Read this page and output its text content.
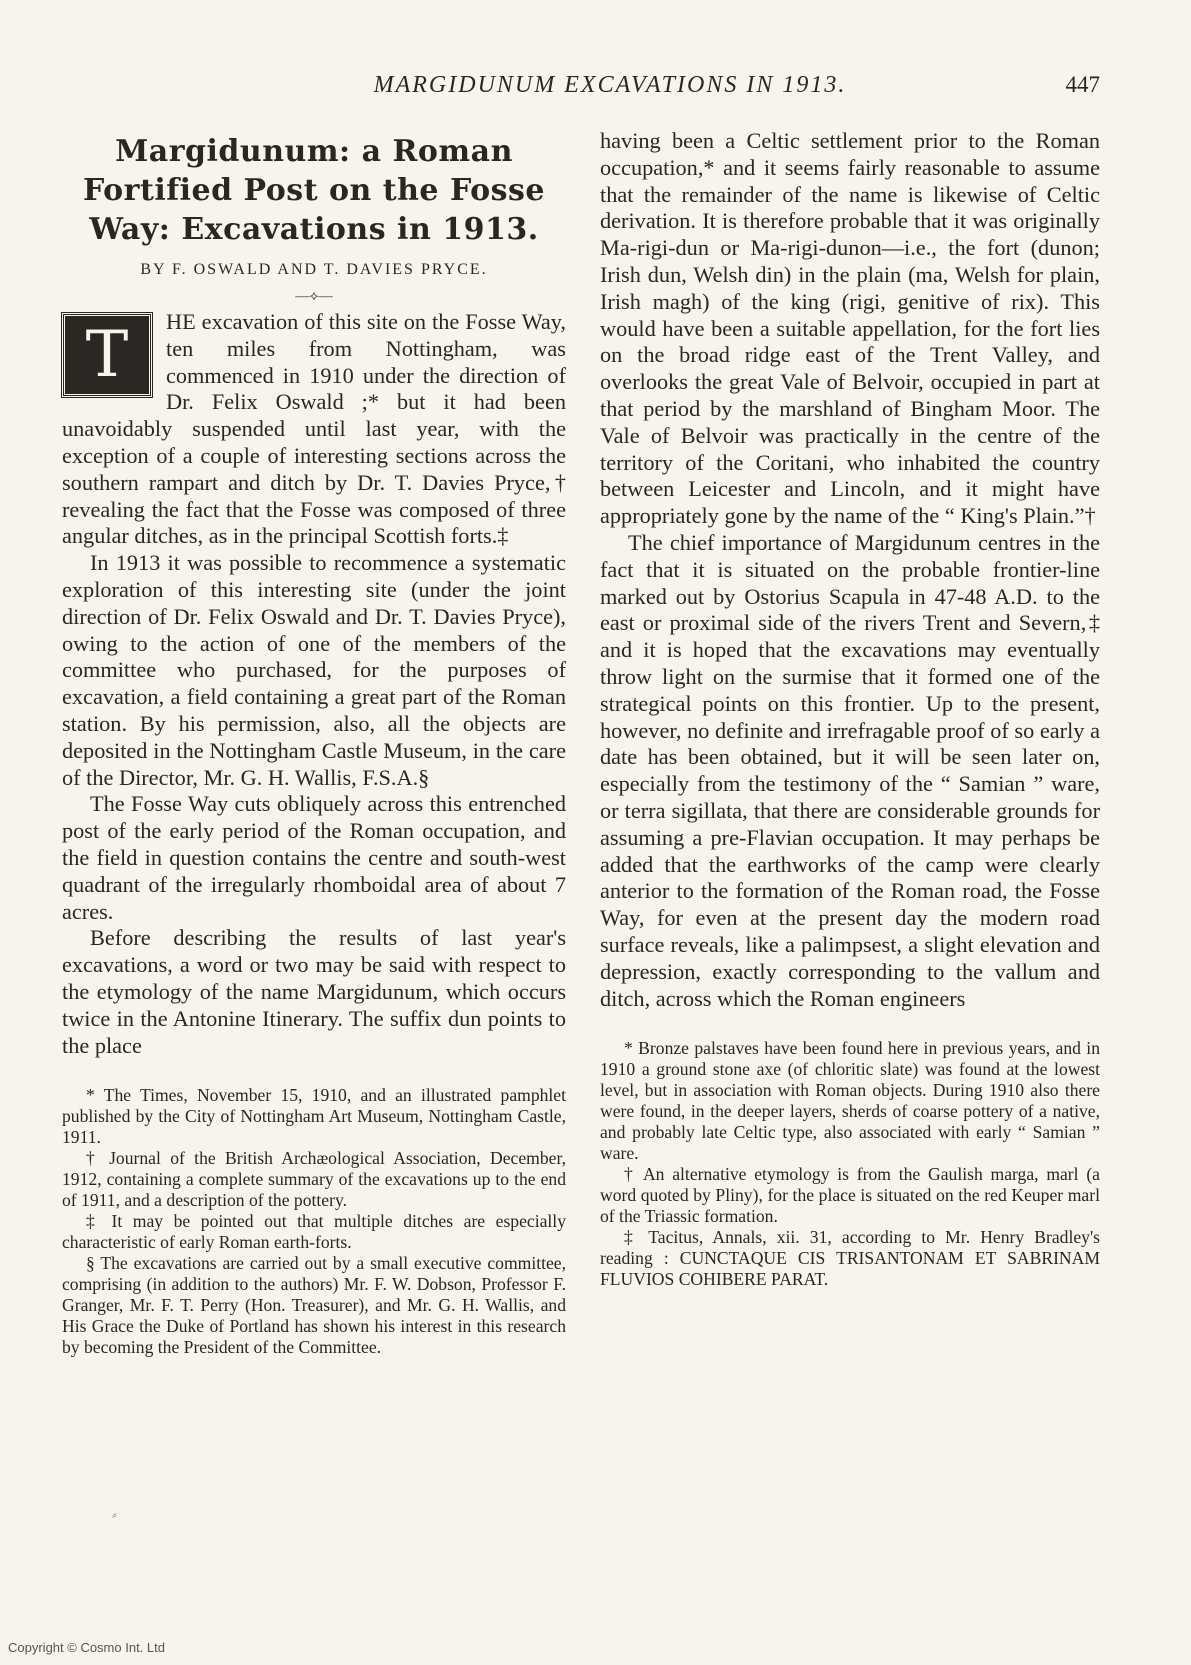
MARGIDUNUM EXCAVATIONS IN 1913.	447
Margidunum: a Roman Fortified Post on the Fosse Way: Excavations in 1913.
BY F. OSWALD AND T. DAVIES PRYCE.
—⟡—

T	HE excavation of this site on the Fosse Way, ten miles from Nottingham, was commenced in 1910 under the direction of Dr. Felix Oswald ;* but it had been unavoidably suspended until last year, with the exception of a couple of interesting sections across the southern rampart and ditch by Dr. T. Davies Pryce,† revealing the fact that the Fosse was composed of three angular ditches, as in the principal Scottish forts.‡

In 1913 it was possible to recommence a systematic exploration of this interesting site (under the joint direction of Dr. Felix Oswald and Dr. T. Davies Pryce), owing to the action of one of the members of the committee who purchased, for the purposes of excavation, a field containing a great part of the Roman station. By his permission, also, all the objects are deposited in the Nottingham Castle Museum, in the care of the Director, Mr. G. H. Wallis, F.S.A.§

The Fosse Way cuts obliquely across this entrenched post of the early period of the Roman occupation, and the field in question contains the centre and south-west quadrant of the irregularly rhomboidal area of about 7 acres.

Before describing the results of last year's excavations, a word or two may be said with respect to the etymology of the name Margidunum, which occurs twice in the Antonine Itinerary. The suffix dun points to the place

* The Times, November 15, 1910, and an illustrated pamphlet published by the City of Nottingham Art Museum, Nottingham Castle, 1911.

† Journal of the British Archæological Association, December, 1912, containing a complete summary of the excavations up to the end of 1911, and a description of the pottery.

‡ It may be pointed out that multiple ditches are especially characteristic of early Roman earth-forts.

§ The excavations are carried out by a small executive committee, comprising (in addition to the authors) Mr. F. W. Dobson, Professor F. Granger, Mr. F. T. Perry (Hon. Treasurer), and Mr. G. H. Wallis, and His Grace the Duke of Portland has shown his interest in this research by becoming the President of the Committee.

having been a Celtic settlement prior to the Roman occupation,* and it seems fairly reasonable to assume that the remainder of the name is likewise of Celtic derivation. It is therefore probable that it was originally Ma-rigi-dun or Ma-rigi-dunon—i.e., the fort (dunon; Irish dun, Welsh din) in the plain (ma, Welsh for plain, Irish magh) of the king (rigi, genitive of rix). This would have been a suitable appellation, for the fort lies on the broad ridge east of the Trent Valley, and overlooks the great Vale of Belvoir, occupied in part at that period by the marshland of Bingham Moor. The Vale of Belvoir was practically in the centre of the territory of the Coritani, who inhabited the country between Leicester and Lincoln, and it might have appropriately gone by the name of the “ King's Plain.”†

The chief importance of Margidunum centres in the fact that it is situated on the probable frontier-line marked out by Ostorius Scapula in 47-48 A.D. to the east or proximal side of the rivers Trent and Severn,‡ and it is hoped that the excavations may eventually throw light on the surmise that it formed one of the strategical points on this frontier. Up to the present, however, no definite and irrefragable proof of so early a date has been obtained, but it will be seen later on, especially from the testimony of the “ Samian ” ware, or terra sigillata, that there are considerable grounds for assuming a pre-Flavian occupation. It may perhaps be added that the earthworks of the camp were clearly anterior to the formation of the Roman road, the Fosse Way, for even at the present day the modern road surface reveals, like a palimpsest, a slight elevation and depression, exactly corresponding to the vallum and ditch, across which the Roman engineers

* Bronze palstaves have been found here in previous years, and in 1910 a ground stone axe (of chloritic slate) was found at the lowest level, but in association with Roman objects. During 1910 also there were found, in the deeper layers, sherds of coarse pottery of a native, and probably late Celtic type, also associated with early “ Samian ” ware.

† An alternative etymology is from the Gaulish marga, marl (a word quoted by Pliny), for the place is situated on the red Keuper marl of the Triassic formation.

‡ Tacitus, Annals, xii. 31, according to Mr. Henry Bradley's reading : CUNCTAQUE CIS TRISANTONAM ET SABRINAM FLUVIOS COHIBERE PARAT.

⸗
Copyright © Cosmo Int. Ltd
